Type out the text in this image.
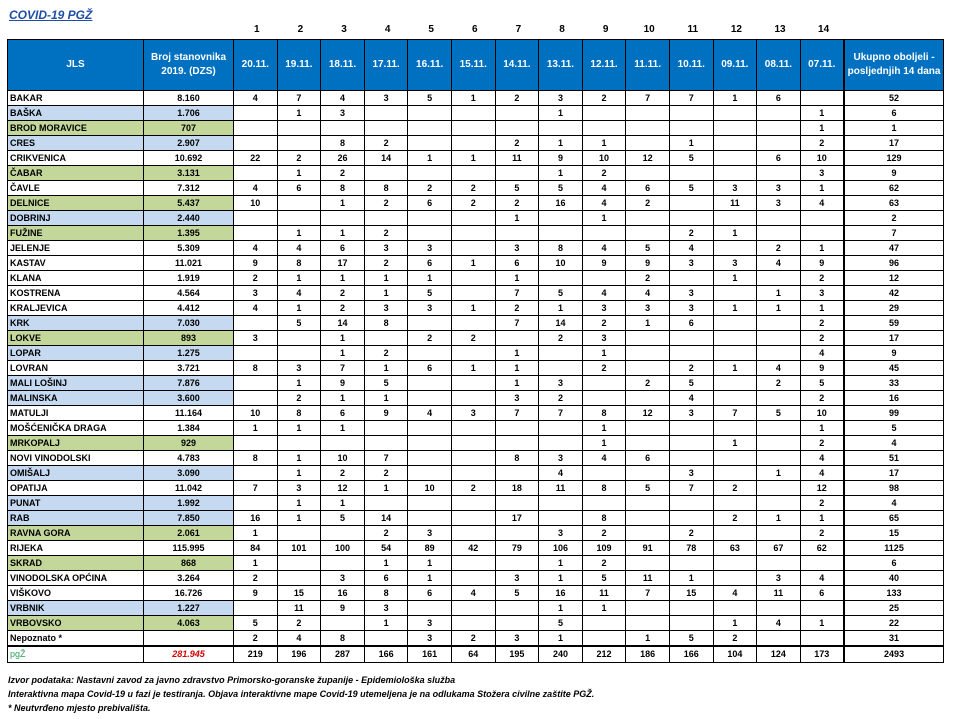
COVID-19 PGŽ
1	2	3	4	5	6	7	8	9	10	11	12	13	14
JLS	Broj stanovnika 2019. (DZS)	20.11.	19.11.	18.11.	17.11.	16.11.	15.11.	14.11.	13.11.	12.11.	11.11.	10.11.	09.11.	08.11.	07.11.	Ukupno oboljeli - posljednjih 14 dana
BAKAR	8.160	4	7	4	3	5	1	2	3	2	7	7	1	6		52
BAŠKA	1.706		1	3					1						1	6
BROD MORAVICE	707														1	1
CRES	2.907			8	2			2	1	1		1			2	17
CRIKVENICA	10.692	22	2	26	14	1	1	11	9	10	12	5		6	10	129
ČABAR	3.131		1	2					1	2					3	9
ČAVLE	7.312	4	6	8	8	2	2	5	5	4	6	5	3	3	1	62
DELNICE	5.437	10		1	2	6	2	2	16	4	2		11	3	4	63
DOBRINJ	2.440							1		1						2
FUŽINE	1.395		1	1	2							2	1			7
JELENJE	5.309	4	4	6	3	3		3	8	4	5	4		2	1	47
KASTAV	11.021	9	8	17	2	6	1	6	10	9	9	3	3	4	9	96
KLANA	1.919	2	1	1	1	1		1			2		1		2	12
KOSTRENA	4.564	3	4	2	1	5		7	5	4	4	3		1	3	42
KRALJEVICA	4.412	4	1	2	3	3	1	2	1	3	3	3	1	1	1	29
KRK	7.030		5	14	8			7	14	2	1	6			2	59
LOKVE	893	3		1		2	2		2	3					2	17
LOPAR	1.275			1	2			1		1					4	9
LOVRAN	3.721	8	3	7	1	6	1	1		2		2	1	4	9	45
MALI LOŠINJ	7.876		1	9	5			1	3		2	5		2	5	33
MALINSKA	3.600		2	1	1			3	2			4			2	16
MATULJI	11.164	10	8	6	9	4	3	7	7	8	12	3	7	5	10	99
MOŠĆENIČKA DRAGA	1.384	1	1	1						1					1	5
MRKOPALJ	929									1			1		2	4
NOVI VINODOLSKI	4.783	8	1	10	7			8	3	4	6				4	51
OMIŠALJ	3.090		1	2	2				4			3		1	4	17
OPATIJA	11.042	7	3	12	1	10	2	18	11	8	5	7	2		12	98
PUNAT	1.992		1	1											2	4
RAB	7.850	16	1	5	14			17		8			2	1	1	65
RAVNA GORA	2.061	1			2	3			3	2		2			2	15
RIJEKA	115.995	84	101	100	54	89	42	79	106	109	91	78	63	67	62	1125
SKRAD	868	1			1	1			1	2						6
VINODOLSKA OPĆINA	3.264	2		3	6	1		3	1	5	11	1		3	4	40
VIŠKOVO	16.726	9	15	16	8	6	4	5	16	11	7	15	4	11	6	133
VRBNIK	1.227		11	9	3				1	1						25
VRBOVSKO	4.063	5	2		1	3			5				1	4	1	22
Nepoznato *		2	4	8		3	2	3	1		1	5	2			31
pgŽ	281.945	219	196	287	166	161	64	195	240	212	186	166	104	124	173	2493
Izvor podataka: Nastavni zavod za javno zdravstvo Primorsko-goranske županije - Epidemiološka služba
Interaktivna mapa Covid-19 u fazi je testiranja. Objava interaktivne mape Covid-19 utemeljena je na odlukama Stožera civilne zaštite PGŽ.
* Neutvrđeno mjesto prebivališta.
